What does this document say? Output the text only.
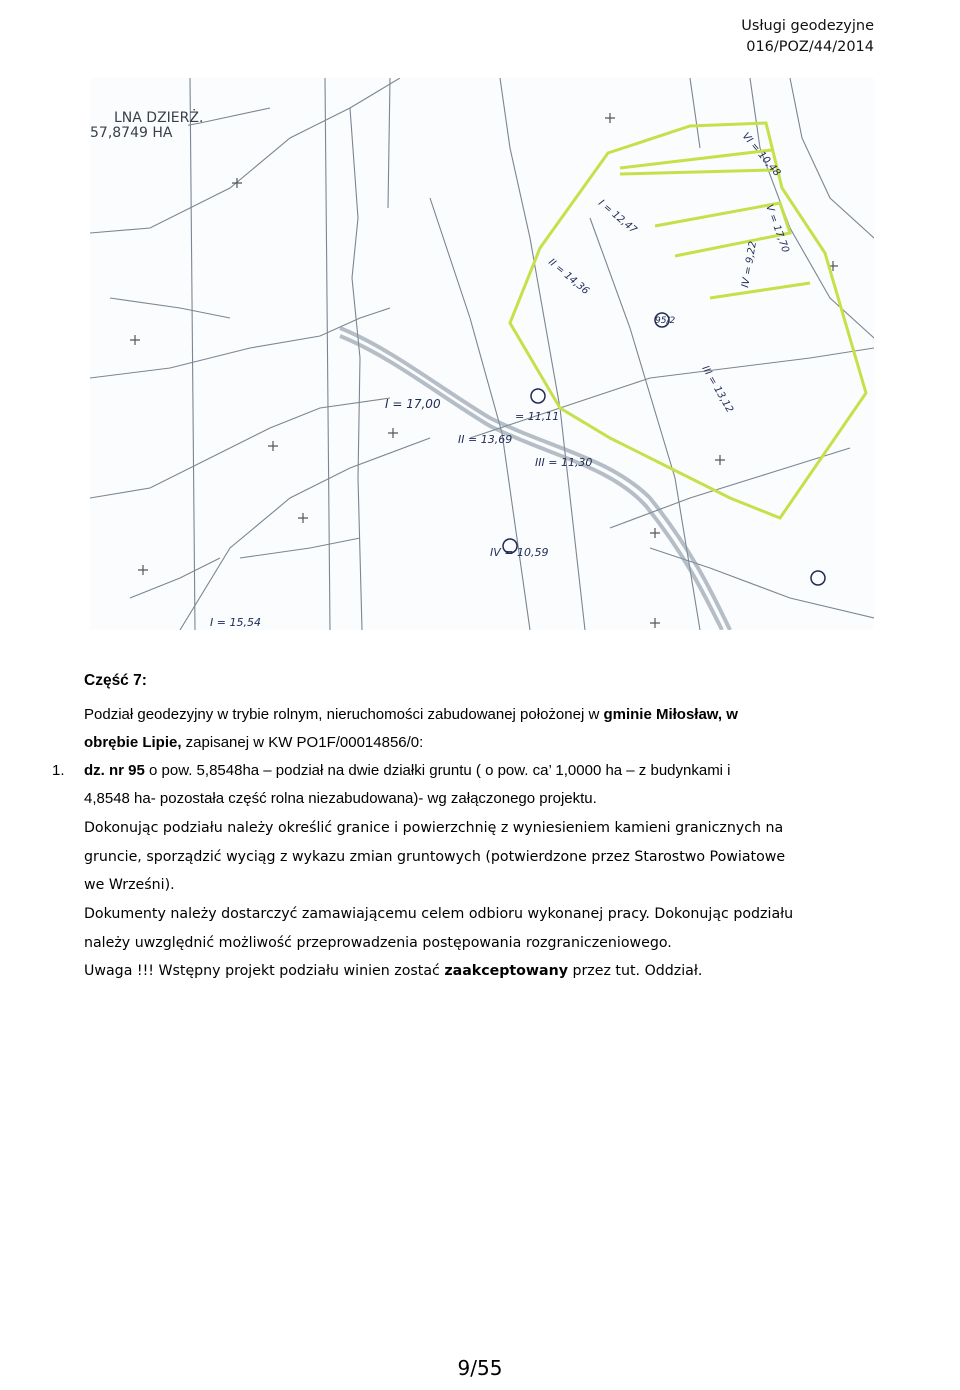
Usługi geodezyjne
016/POZ/44/2014
I = 17,00
II = 13,69
III = 11,30
IV = 10,59
I = 15,54
= 11,11
I = 12,47
II = 14,36
III = 13,12
IV = 9,22
V = 17,70
VI = 10,48
95/2
LNA DZIERŻ.
57,8749 HA
Część 7:
Podział geodezyjny w trybie rolnym, nieruchomości zabudowanej położonej w gminie Miłosław, w
obrębie Lipie, zapisanej w KW PO1F/00014856/0:
1. dz. nr 95 o pow. 5,8548ha – podział na dwie działki gruntu ( o pow. ca’ 1,0000 ha – z budynkami i
4,8548 ha- pozostała część rolna niezabudowana)- wg załączonego projektu.
Dokonując podziału należy określić granice i powierzchnię z wyniesieniem kamieni granicznych na
gruncie, sporządzić wyciąg z wykazu zmian gruntowych (potwierdzone przez Starostwo Powiatowe
we Wrześni).
Dokumenty należy dostarczyć zamawiającemu celem odbioru wykonanej pracy. Dokonując podziału
należy uwzględnić możliwość przeprowadzenia postępowania rozgraniczeniowego.
Uwaga !!! Wstępny projekt podziału winien zostać zaakceptowany przez tut. Oddział.
9/55
